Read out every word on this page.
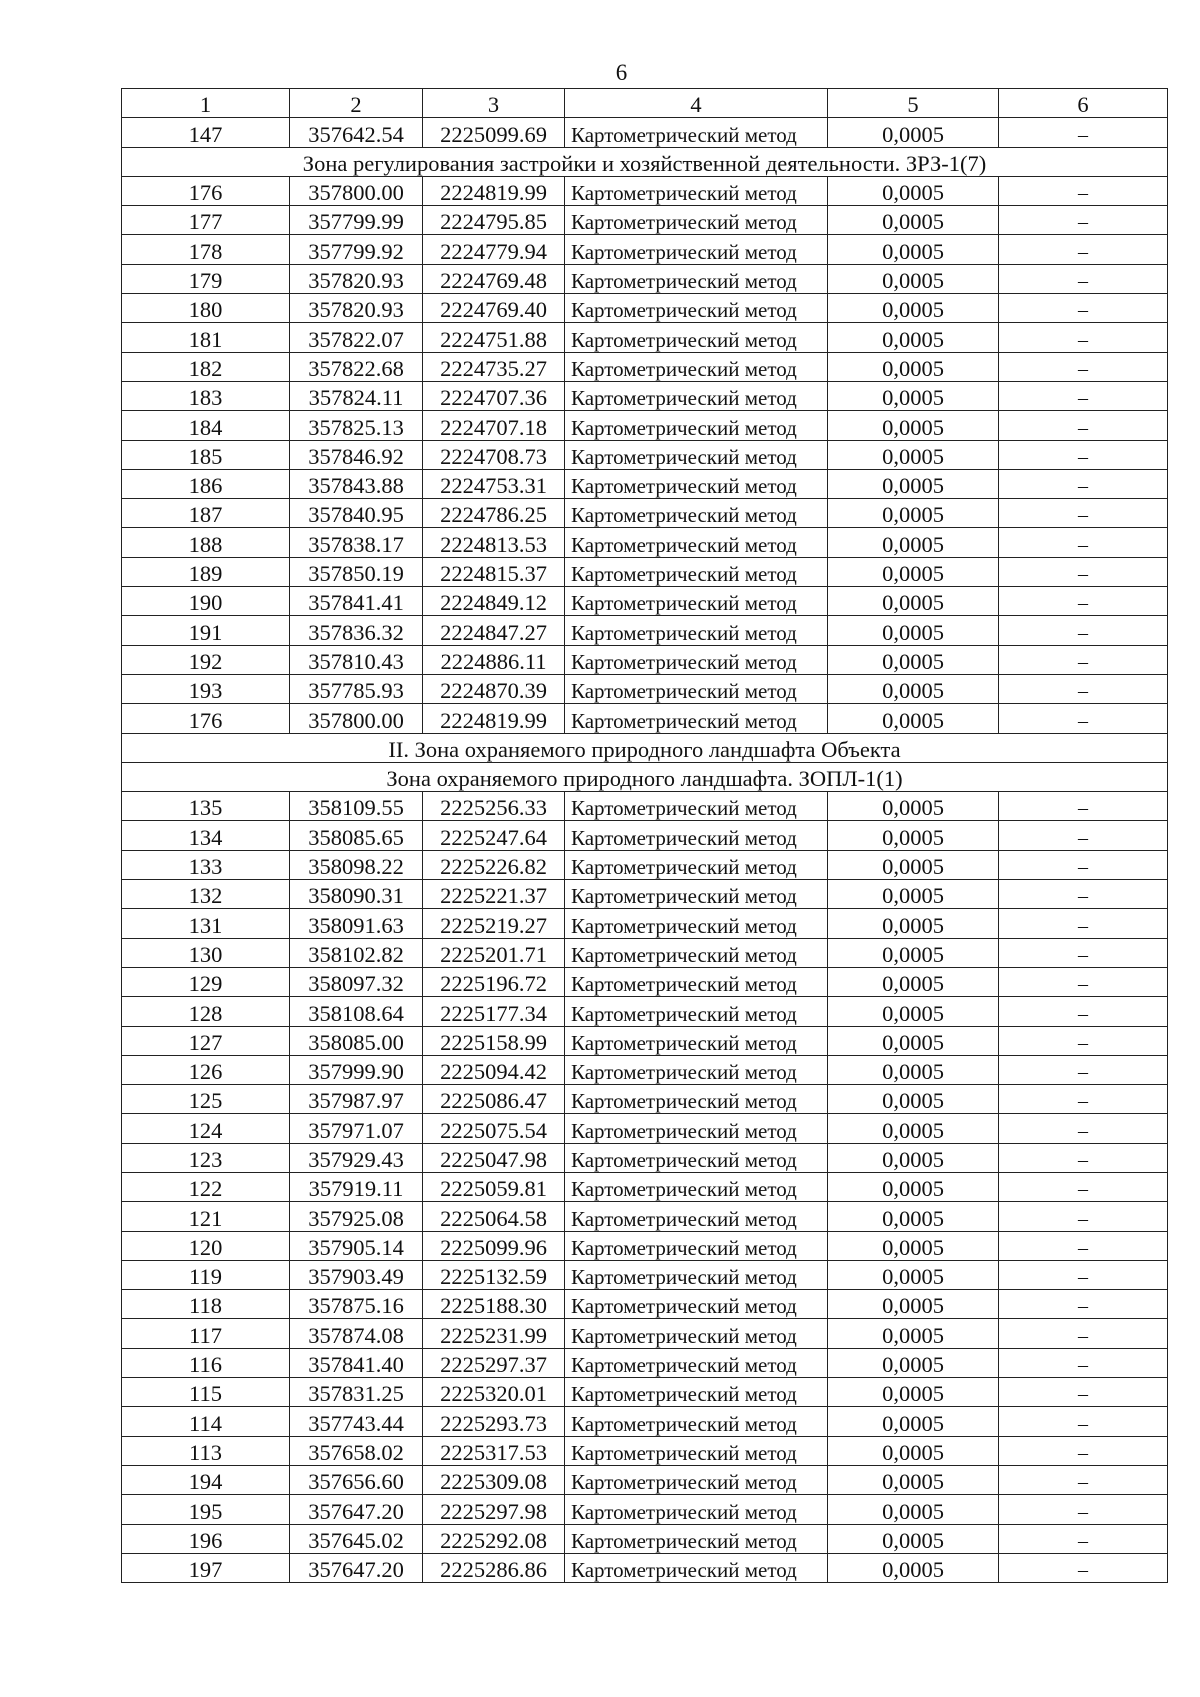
6
1	2	3	4	5	6
147	357642.54	2225099.69	Картометрический метод	0,0005	–
Зона регулирования застройки и хозяйственной деятельности. ЗРЗ-1(7)					
176	357800.00	2224819.99	Картометрический метод	0,0005	–
177	357799.99	2224795.85	Картометрический метод	0,0005	–
178	357799.92	2224779.94	Картометрический метод	0,0005	–
179	357820.93	2224769.48	Картометрический метод	0,0005	–
180	357820.93	2224769.40	Картометрический метод	0,0005	–
181	357822.07	2224751.88	Картометрический метод	0,0005	–
182	357822.68	2224735.27	Картометрический метод	0,0005	–
183	357824.11	2224707.36	Картометрический метод	0,0005	–
184	357825.13	2224707.18	Картометрический метод	0,0005	–
185	357846.92	2224708.73	Картометрический метод	0,0005	–
186	357843.88	2224753.31	Картометрический метод	0,0005	–
187	357840.95	2224786.25	Картометрический метод	0,0005	–
188	357838.17	2224813.53	Картометрический метод	0,0005	–
189	357850.19	2224815.37	Картометрический метод	0,0005	–
190	357841.41	2224849.12	Картометрический метод	0,0005	–
191	357836.32	2224847.27	Картометрический метод	0,0005	–
192	357810.43	2224886.11	Картометрический метод	0,0005	–
193	357785.93	2224870.39	Картометрический метод	0,0005	–
176	357800.00	2224819.99	Картометрический метод	0,0005	–
II. Зона охраняемого природного ландшафта Объекта					
Зона охраняемого природного ландшафта. ЗОПЛ-1(1)					
135	358109.55	2225256.33	Картометрический метод	0,0005	–
134	358085.65	2225247.64	Картометрический метод	0,0005	–
133	358098.22	2225226.82	Картометрический метод	0,0005	–
132	358090.31	2225221.37	Картометрический метод	0,0005	–
131	358091.63	2225219.27	Картометрический метод	0,0005	–
130	358102.82	2225201.71	Картометрический метод	0,0005	–
129	358097.32	2225196.72	Картометрический метод	0,0005	–
128	358108.64	2225177.34	Картометрический метод	0,0005	–
127	358085.00	2225158.99	Картометрический метод	0,0005	–
126	357999.90	2225094.42	Картометрический метод	0,0005	–
125	357987.97	2225086.47	Картометрический метод	0,0005	–
124	357971.07	2225075.54	Картометрический метод	0,0005	–
123	357929.43	2225047.98	Картометрический метод	0,0005	–
122	357919.11	2225059.81	Картометрический метод	0,0005	–
121	357925.08	2225064.58	Картометрический метод	0,0005	–
120	357905.14	2225099.96	Картометрический метод	0,0005	–
119	357903.49	2225132.59	Картометрический метод	0,0005	–
118	357875.16	2225188.30	Картометрический метод	0,0005	–
117	357874.08	2225231.99	Картометрический метод	0,0005	–
116	357841.40	2225297.37	Картометрический метод	0,0005	–
115	357831.25	2225320.01	Картометрический метод	0,0005	–
114	357743.44	2225293.73	Картометрический метод	0,0005	–
113	357658.02	2225317.53	Картометрический метод	0,0005	–
194	357656.60	2225309.08	Картометрический метод	0,0005	–
195	357647.20	2225297.98	Картометрический метод	0,0005	–
196	357645.02	2225292.08	Картометрический метод	0,0005	–
197	357647.20	2225286.86	Картометрический метод	0,0005	–
